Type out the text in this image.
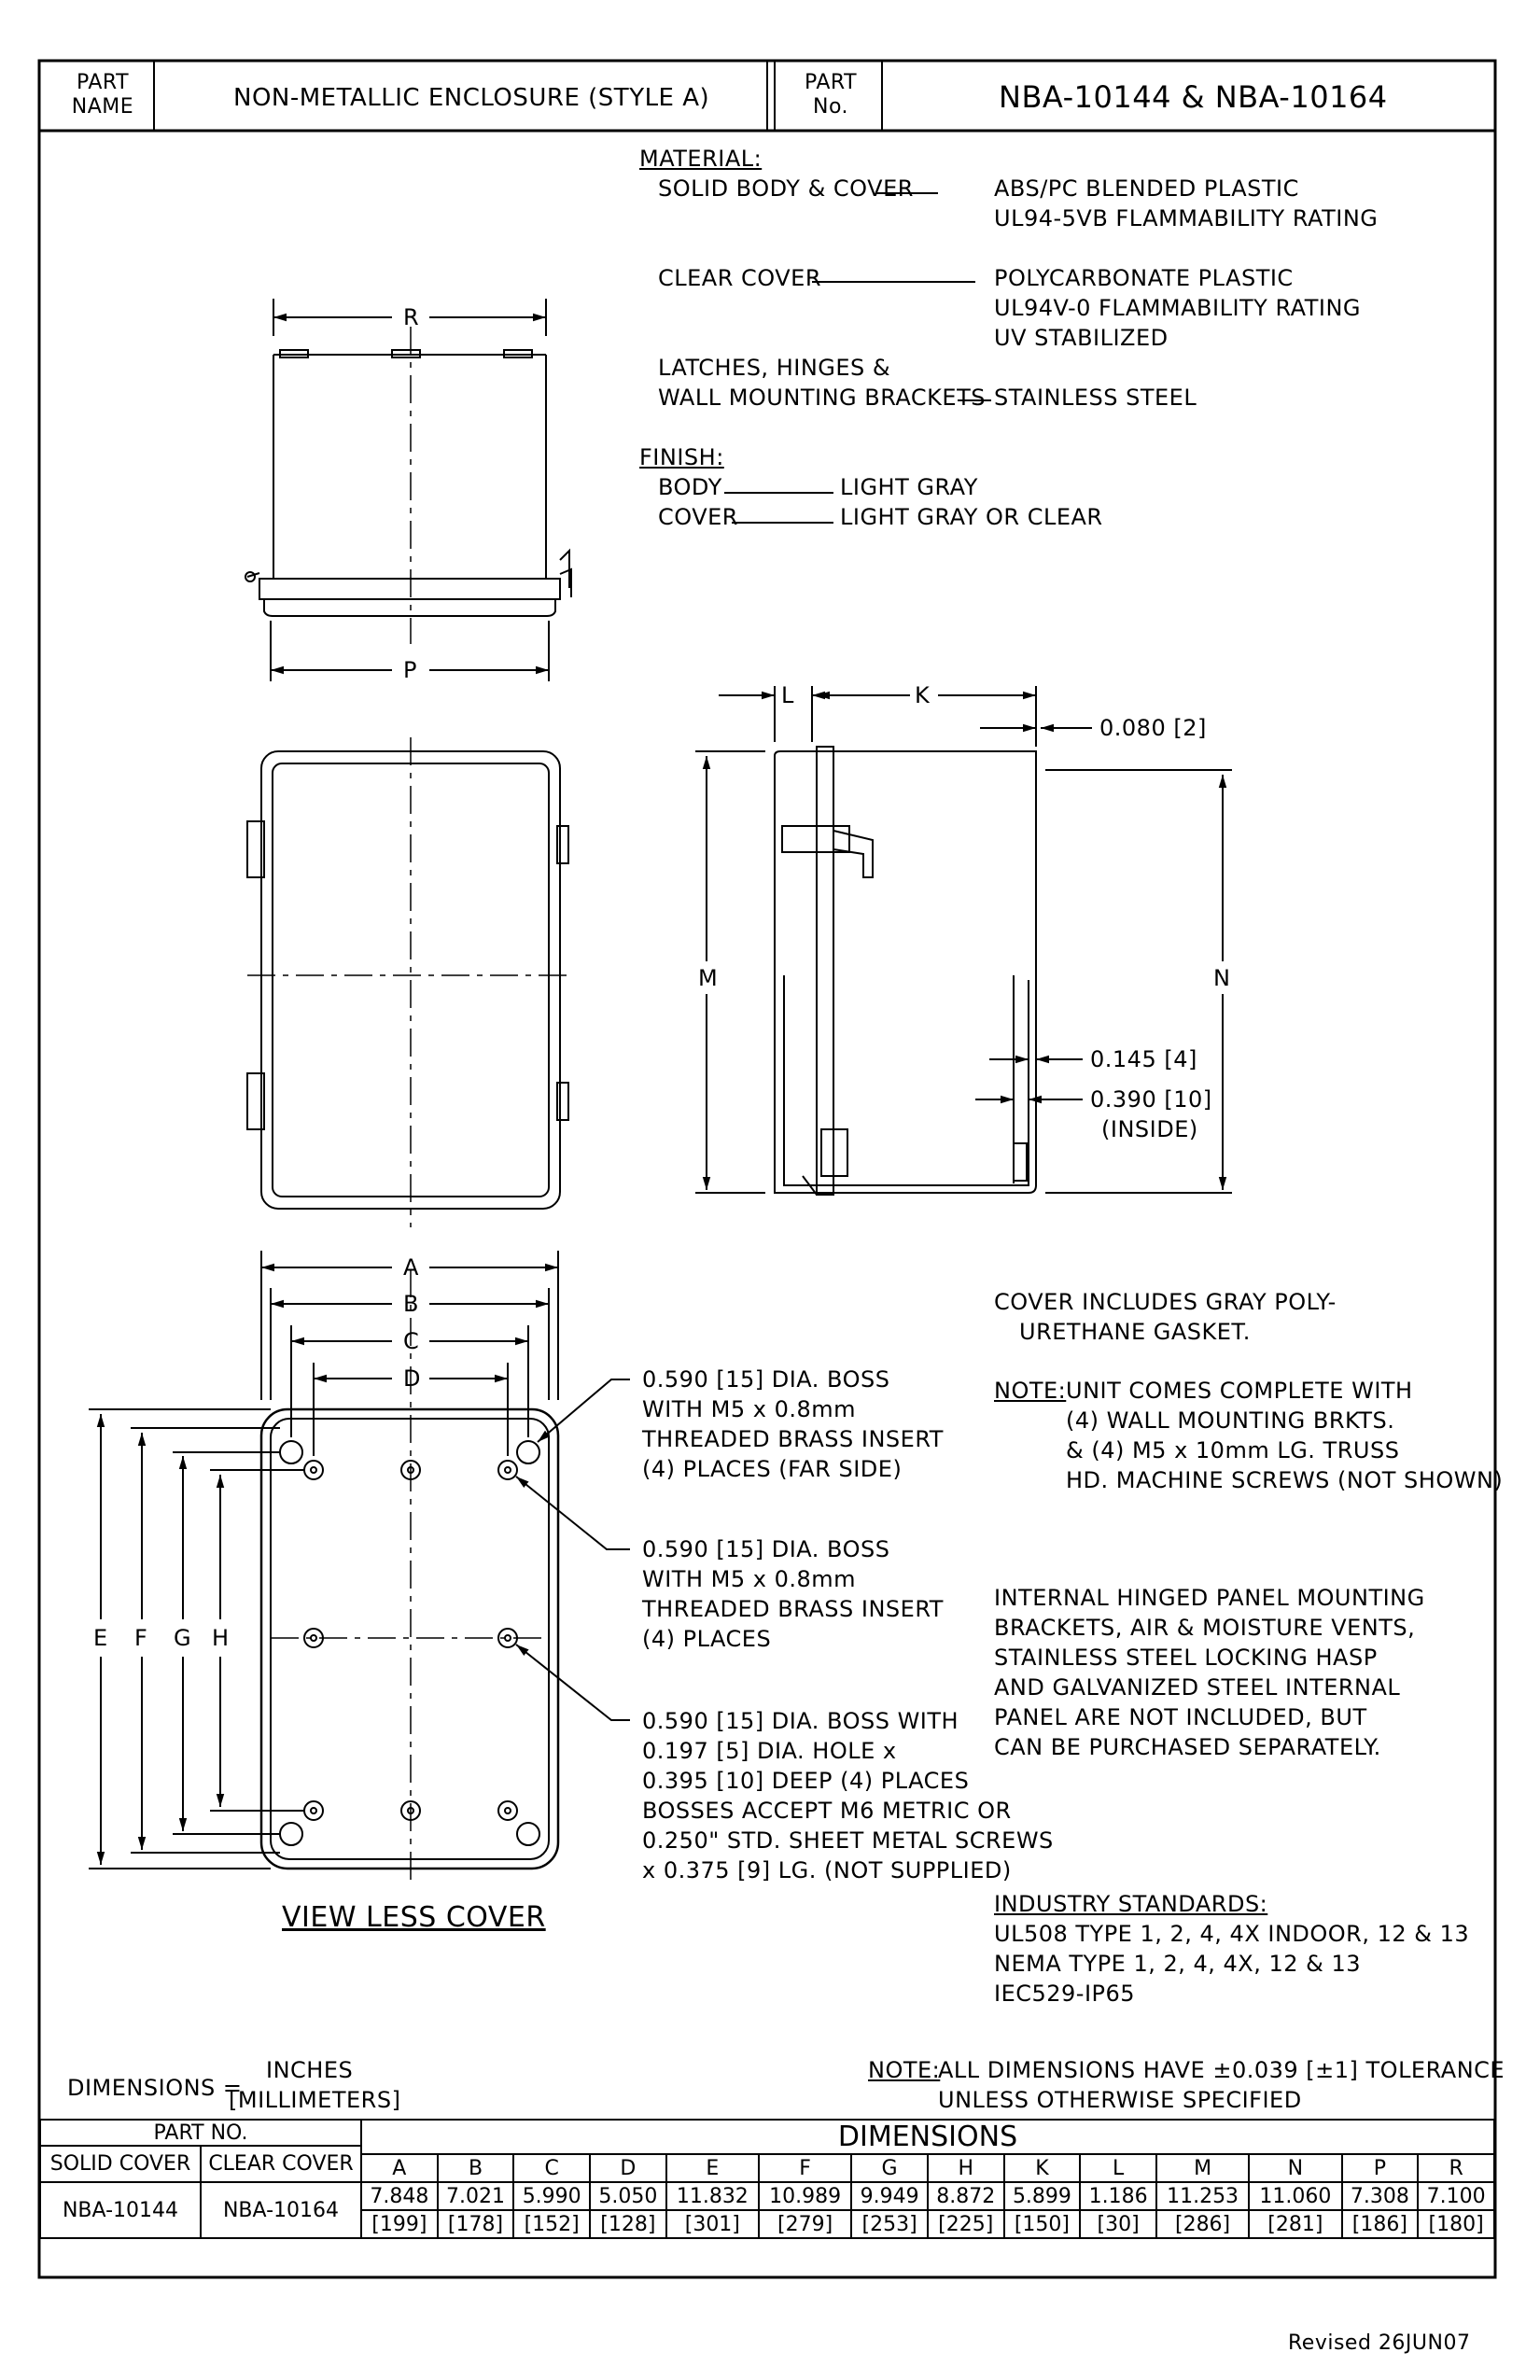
PART NAME	NON-METALLIC ENCLOSURE (STYLE A)
PART No.	NBA-10144 & NBA-10164
MATERIAL:
SOLID BODY & COVER	ABS/PC BLENDED PLASTIC
UL94-5VB FLAMMABILITY RATING
CLEAR COVER	POLYCARBONATE PLASTIC
UL94V-0 FLAMMABILITY RATING
UV STABILIZED
LATCHES, HINGES &
WALL MOUNTING BRACKETS STAINLESS STEEL
FINISH:
BODY	LIGHT GRAY
COVER	LIGHT GRAY OR CLEAR
R
P
L	K
M	N
A
B
C
D
E F G H
0.080 [2]
0.145 [4]
0.390 [10]
(INSIDE)
0.590 [15] DIA. BOSS
WITH M5 x 0.8mm
THREADED BRASS INSERT
(4) PLACES (FAR SIDE)
0.590 [15] DIA. BOSS
WITH M5 x 0.8mm
THREADED BRASS INSERT
(4) PLACES
0.590 [15] DIA. BOSS WITH
0.197 [5] DIA. HOLE x
0.395 [10] DEEP (4) PLACES
BOSSES ACCEPT M6 METRIC OR
0.250" STD. SHEET METAL SCREWS
x 0.375 [9] LG. (NOT SUPPLIED)
VIEW LESS COVER
COVER INCLUDES GRAY POLY-
URETHANE GASKET.
NOTE: UNIT COMES COMPLETE WITH
(4) WALL MOUNTING BRKTS.
& (4) M5 x 10mm LG. TRUSS
HD. MACHINE SCREWS (NOT SHOWN)
INTERNAL HINGED PANEL MOUNTING
BRACKETS, AIR & MOISTURE VENTS,
STAINLESS STEEL LOCKING HASP
AND GALVANIZED STEEL INTERNAL
PANEL ARE NOT INCLUDED, BUT
CAN BE PURCHASED SEPARATELY.
INDUSTRY STANDARDS:
UL508 TYPE 1, 2, 4, 4X INDOOR, 12 & 13
NEMA TYPE 1, 2, 4, 4X, 12 & 13
IEC529-IP65
DIMENSIONS =
INCHES
[MILLIMETERS]
NOTE:
ALL DIMENSIONS HAVE ±0.039 [±1] TOLERANCE
UNLESS OTHERWISE SPECIFIED
PART NO.		DIMENSIONS													
SOLID COVER	CLEAR COVER														
		A	B	C	D	E	F	G	H	K	L	M	N	P	R
NBA-10144	NBA-10164	7.848	7.021	5.990	5.050	11.832	10.989	9.949	8.872	5.899	1.186	11.253	11.060	7.308	7.100
		[199]	[178]	[152]	[128]	[301]	[279]	[253]	[225]	[150]	[30]	[286]	[281]	[186]	[180]
Revised 26JUN07
